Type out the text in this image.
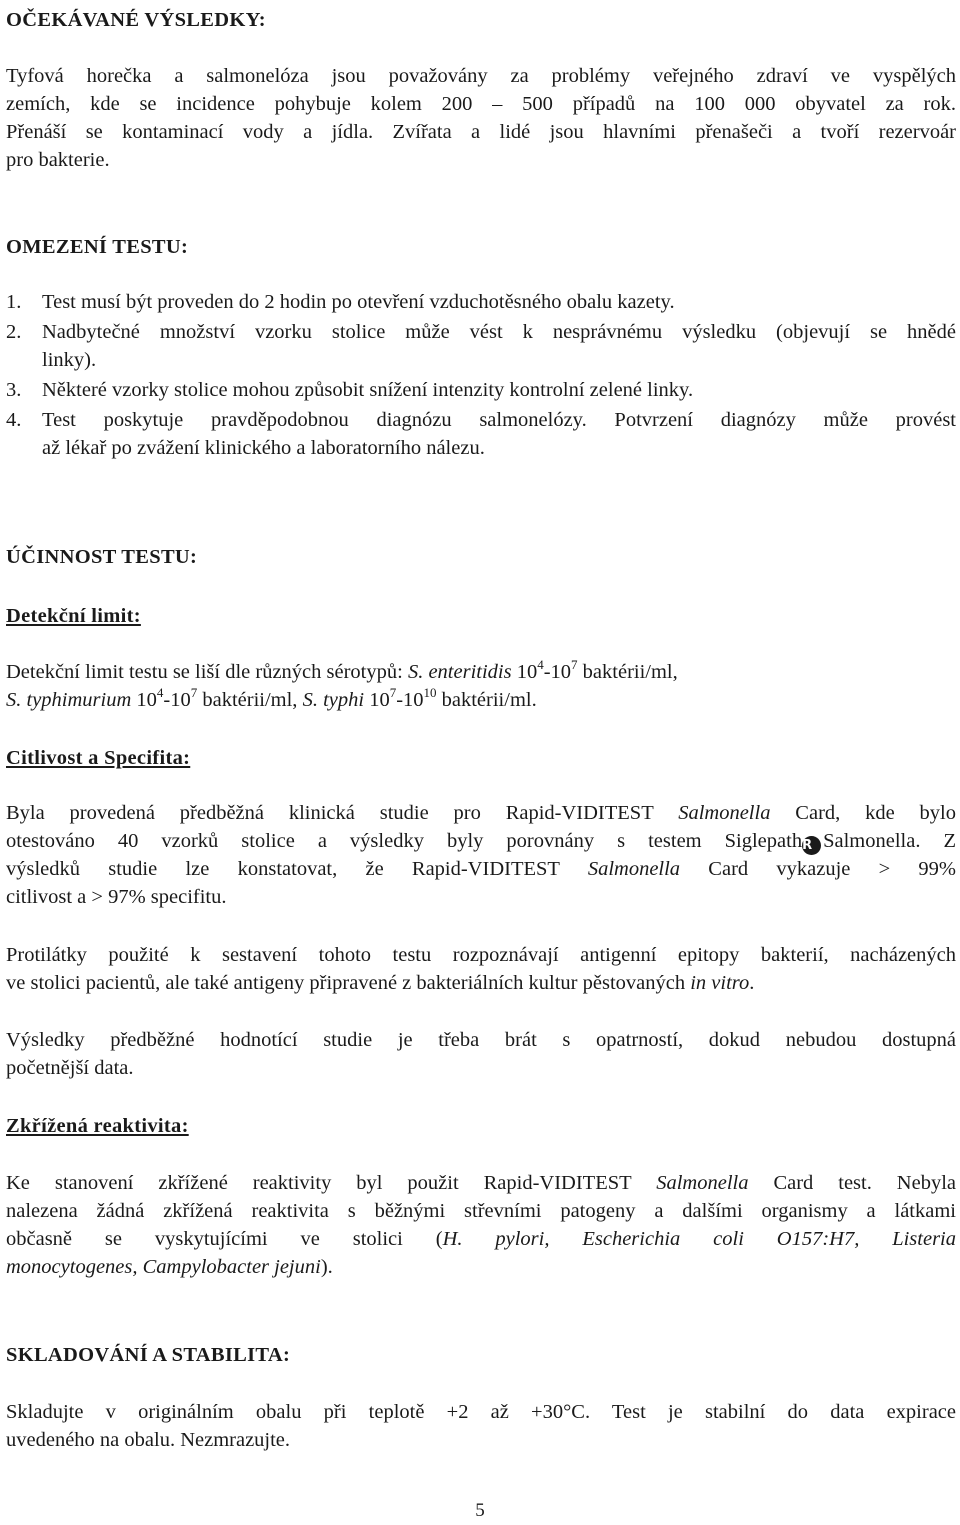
OČEKÁVANÉ VÝSLEDKY:
Tyfová horečka a salmonelóza jsou považovány za problémy veřejného zdraví ve vyspělých
zemích, kde se incidence pohybuje kolem 200 – 500 případů na 100 000 obyvatel za rok.
Přenáší se kontaminací vody a jídla. Zvířata a lidé jsou hlavními přenašeči a tvoří rezervoár
pro bakterie.
OMEZENÍ TESTU:
1. Test musí být proveden do 2 hodin po otevření vzduchotěsného obalu kazety.
2. Nadbytečné množství vzorku stolice může vést k nesprávnému výsledku (objevují se hnědé
linky).
3. Některé vzorky stolice mohou způsobit snížení intenzity kontrolní zelené linky.
4. Test poskytuje pravděpodobnou diagnózu salmonelózy. Potvrzení diagnózy může provést
až lékař po zvážení klinického a laboratorního nálezu.
ÚČINNOST TESTU:
Detekční limit:
Detekční limit testu se liší dle různých sérotypů: S. enteritidis $10^4-10^7$ baktérii/ml,
S. typhimurium $10^4-10^7$ baktérii/ml, S. typhi $10^7-10^{10}$ baktérii/ml.
Citlivost a Specifita:
Byla provedená předběžná klinická studie pro Rapid-VIDITEST Salmonella Card, kde bylo
otestováno 40 vzorků stolice a výsledky byly porovnány s testem SiglepathR Salmonella. Z
výsledků studie lze konstatovat, že Rapid-VIDITEST Salmonella Card vykazuje > 99%
citlivost a > 97% specifitu.
Protilátky použité k sestavení tohoto testu rozpoznávají antigenní epitopy bakterií, nacházených
ve stolici pacientů, ale také antigeny připravené z bakteriálních kultur pěstovaných in vitro.
Výsledky předběžné hodnotící studie je třeba brát s opatrností, dokud nebudou dostupná
početnější data.
Zkřížená reaktivita:
Ke stanovení zkřížené reaktivity byl použit Rapid-VIDITEST Salmonella Card test. Nebyla
nalezena žádná zkřížená reaktivita s běžnými střevními patogeny a dalšími organismy a látkami
občasně se vyskytujícími ve stolici (H. pylori, Escherichia coli O157:H7, Listeria
monocytogenes, Campylobacter jejuni).
SKLADOVÁNÍ A STABILITA:
Skladujte v originálním obalu při teplotě +2 až +30°C. Test je stabilní do data expirace
uvedeného na obalu. Nezmrazujte.
5
